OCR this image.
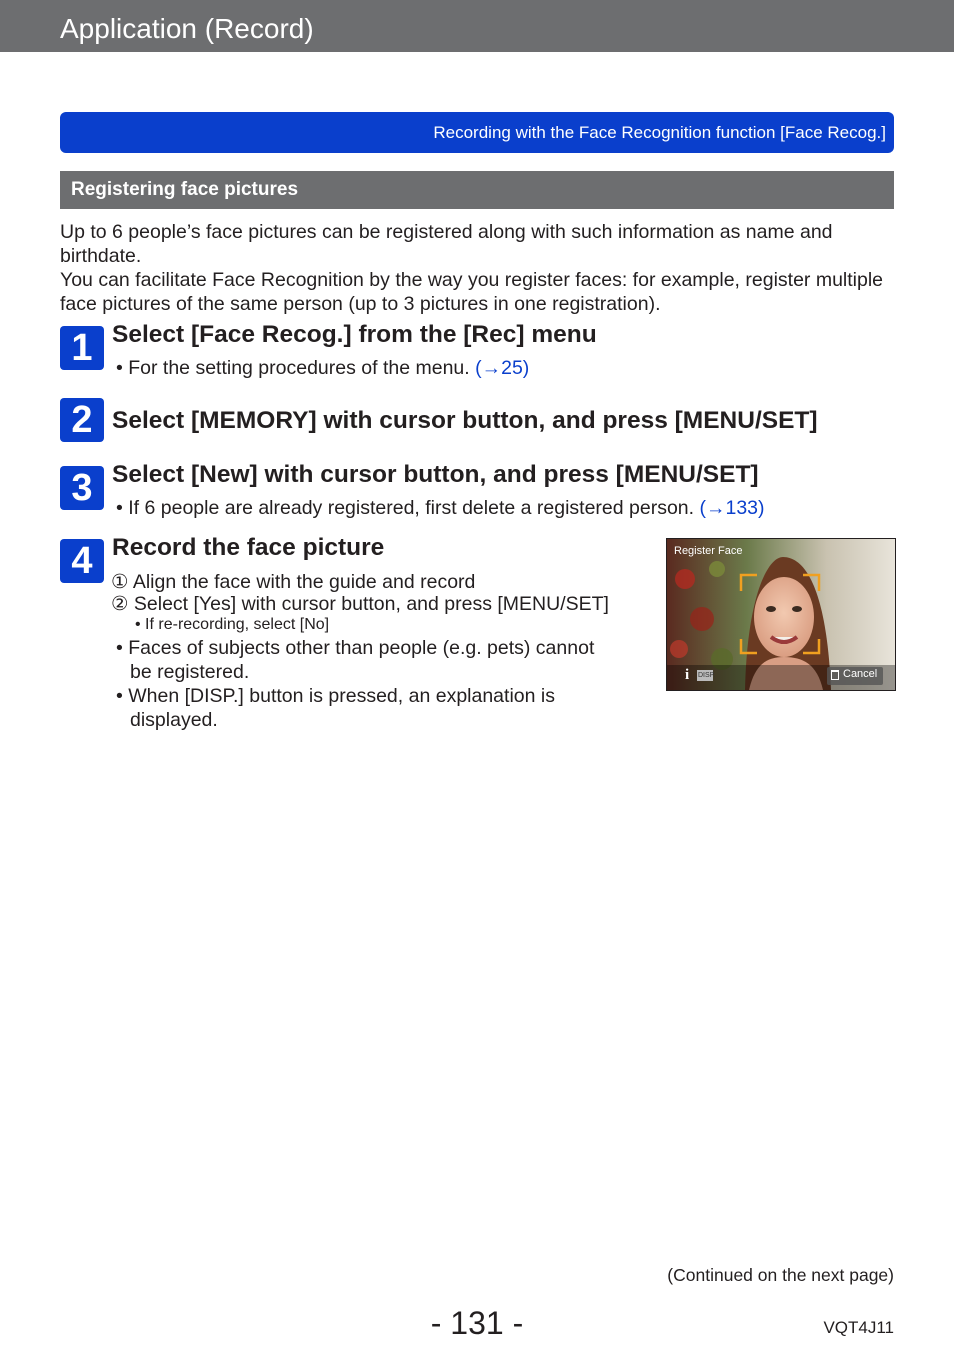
Application (Record)
Recording with the Face Recognition function [Face Recog.]
Registering face pictures

Up to 6 people’s face pictures can be registered along with such information as name and birthdate.

You can facilitate Face Recognition by the way you register faces: for example, register multiple face pictures of the same person (up to 3 pictures in one registration).

1 Select [Face Recog.] from the [Rec] menu
• For the setting procedures of the menu. (→25)
2 Select [MEMORY] with cursor button, and press [MENU/SET]
3 Select [New] with cursor button, and press [MENU/SET]
• If 6 people are already registered, first delete a registered person. (→133)
4 Record the face picture
① Align the face with the guide and record
② Select [Yes] with cursor button, and press [MENU/SET]
• If re-recording, select [No]
• Faces of subjects other than people (e.g. pets) cannot
be registered.
• When [DISP.] button is pressed, an explanation is
displayed.
Register Face
i DISP.	Cancel
(Continued on the next page)
- 131 -	VQT4J11
